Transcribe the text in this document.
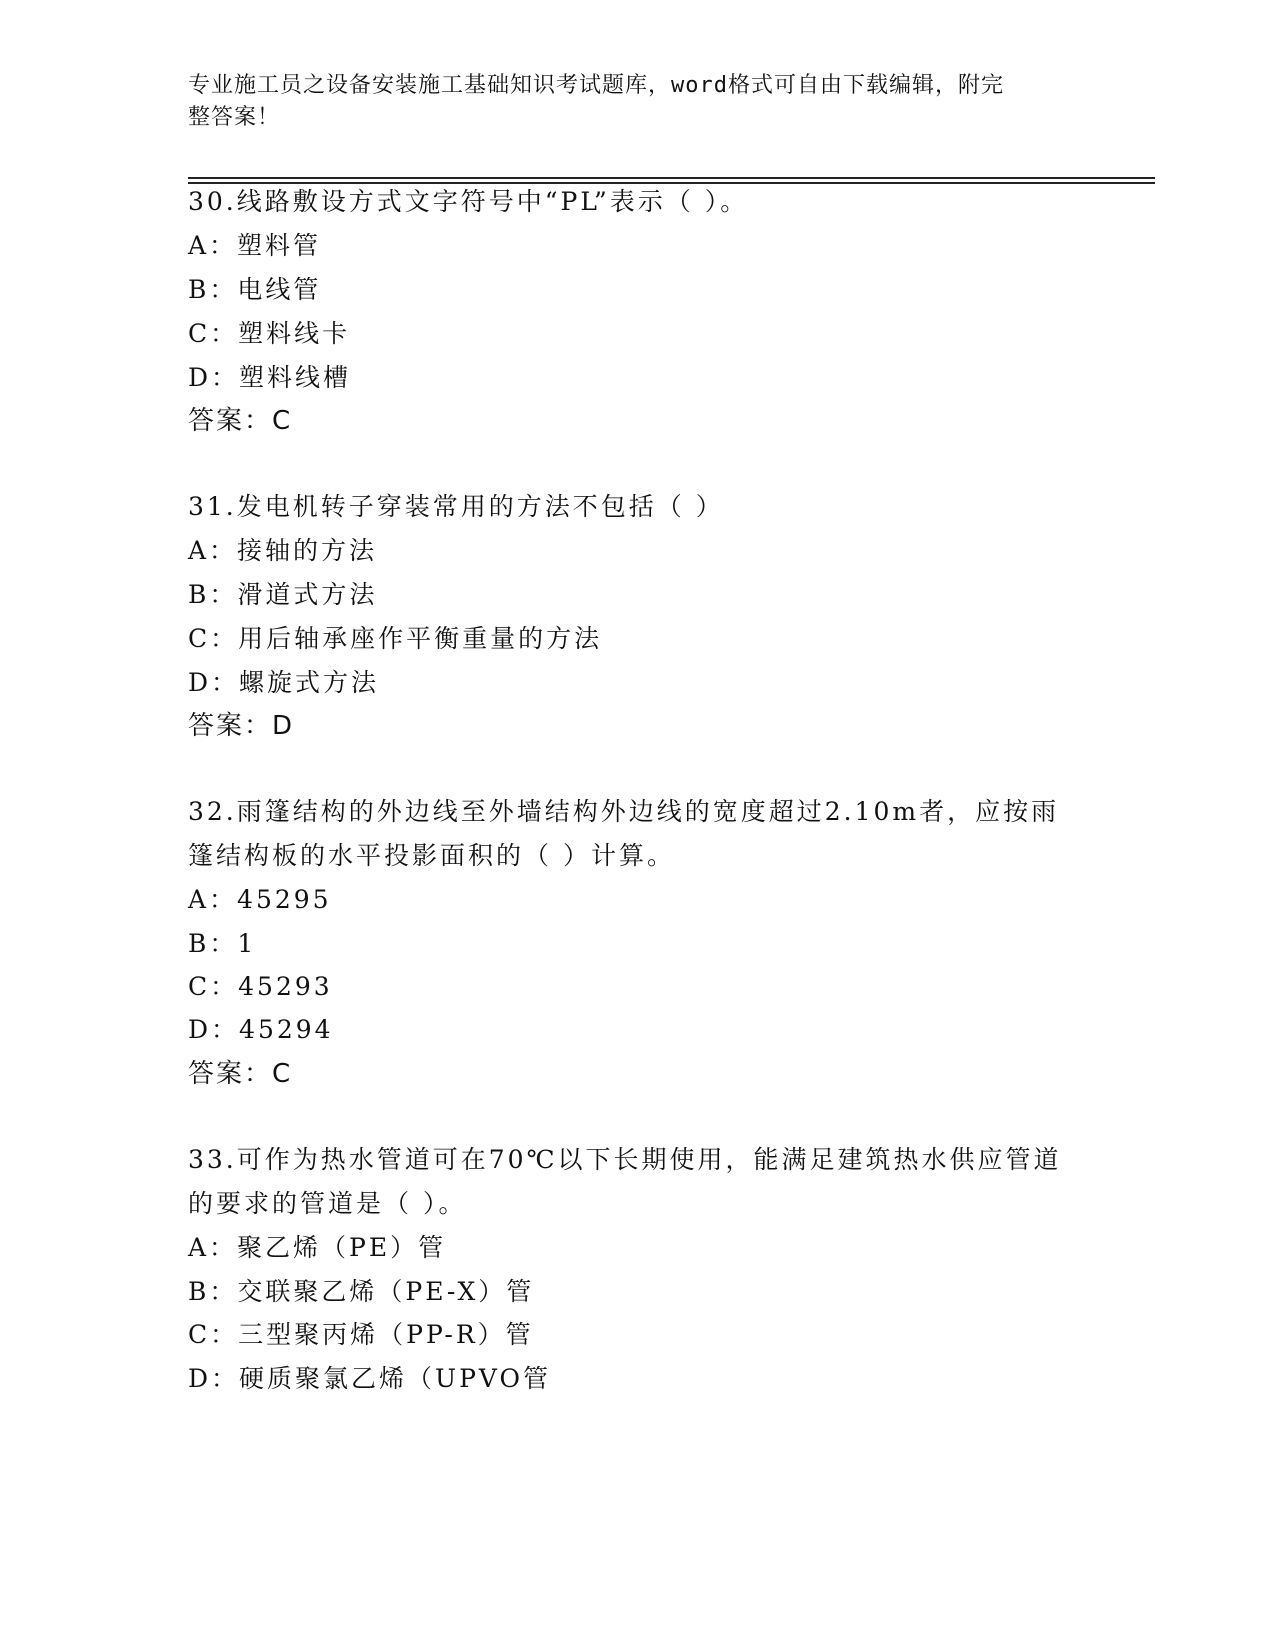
专业施工员之设备安装施工基础知识考试题库，word格式可自由下载编辑，附完
整答案！
30.线路敷设方式文字符号中“PL”表示（ ）。
A：塑料管
B：电线管
C：塑料线卡
D：塑料线槽
答案：C
31.发电机转子穿装常用的方法不包括（ ）
A：接轴的方法
B：滑道式方法
C：用后轴承座作平衡重量的方法
D：螺旋式方法
答案：D
32.雨篷结构的外边线至外墙结构外边线的宽度超过2.10m者，应按雨
篷结构板的水平投影面积的（ ）计算。
A：45295
B：1
C：45293
D：45294
答案：C
33.可作为热水管道可在70℃以下长期使用，能满足建筑热水供应管道
的要求的管道是（ ）。
A：聚乙烯（PE）管
B：交联聚乙烯（PE-X）管
C：三型聚丙烯（PP-R）管
D：硬质聚氯乙烯（UPVO管
